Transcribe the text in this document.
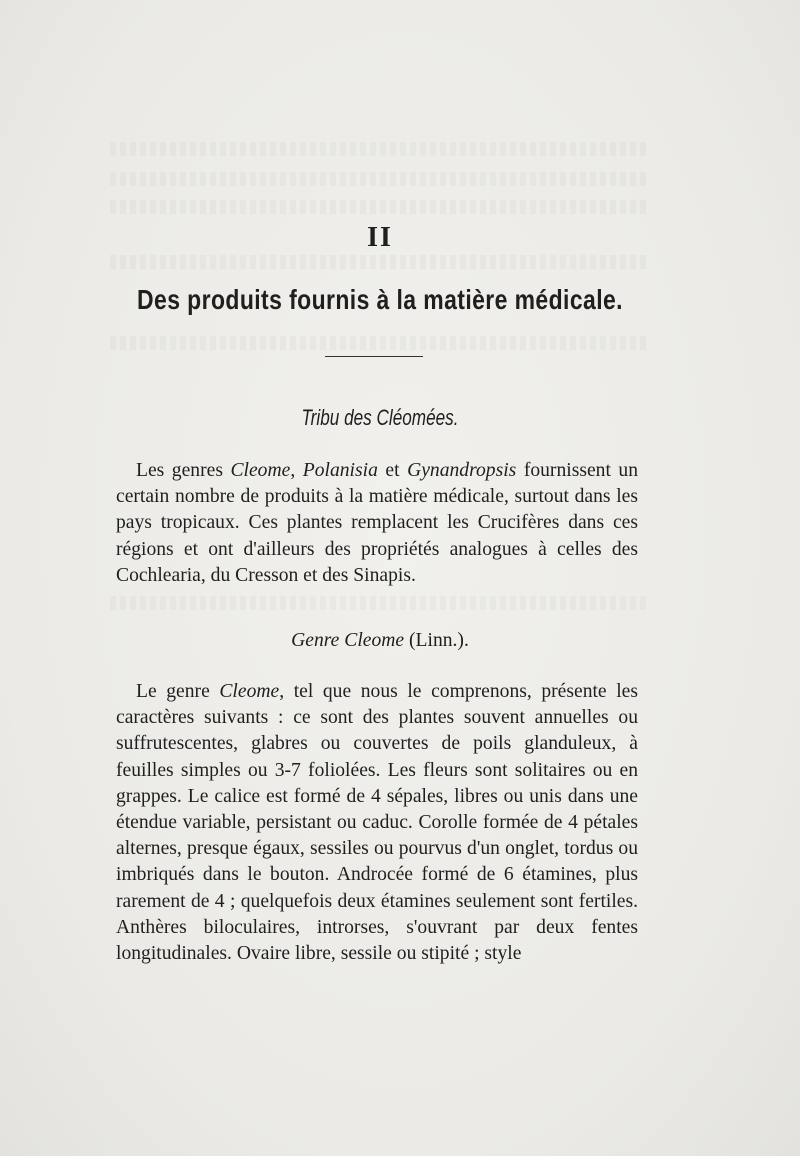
II
Des produits fournis à la matière médicale.
Tribu des Cléomées.

Les genres Cleome, Polanisia et Gynandropsis fournissent un certain nombre de produits à la matière médicale, surtout dans les pays tropicaux. Ces plantes remplacent les Crucifères dans ces régions et ont d'ailleurs des propriétés analogues à celles des Cochlearia, du Cresson et des Sinapis.

Genre Cleome (Linn.).

Le genre Cleome, tel que nous le comprenons, présente les caractères suivants : ce sont des plantes souvent annuelles ou suffrutescentes, glabres ou couvertes de poils glanduleux, à feuilles simples ou 3-7 foliolées. Les fleurs sont solitaires ou en grappes. Le calice est formé de 4 sépales, libres ou unis dans une étendue variable, persistant ou caduc. Corolle formée de 4 pétales alternes, presque égaux, sessiles ou pourvus d'un onglet, tordus ou imbriqués dans le bouton. Androcée formé de 6 étamines, plus rarement de 4 ; quelquefois deux étamines seulement sont fertiles. Anthères biloculaires, introrses, s'ouvrant par deux fentes longitudinales. Ovaire libre, sessile ou stipité ; style
